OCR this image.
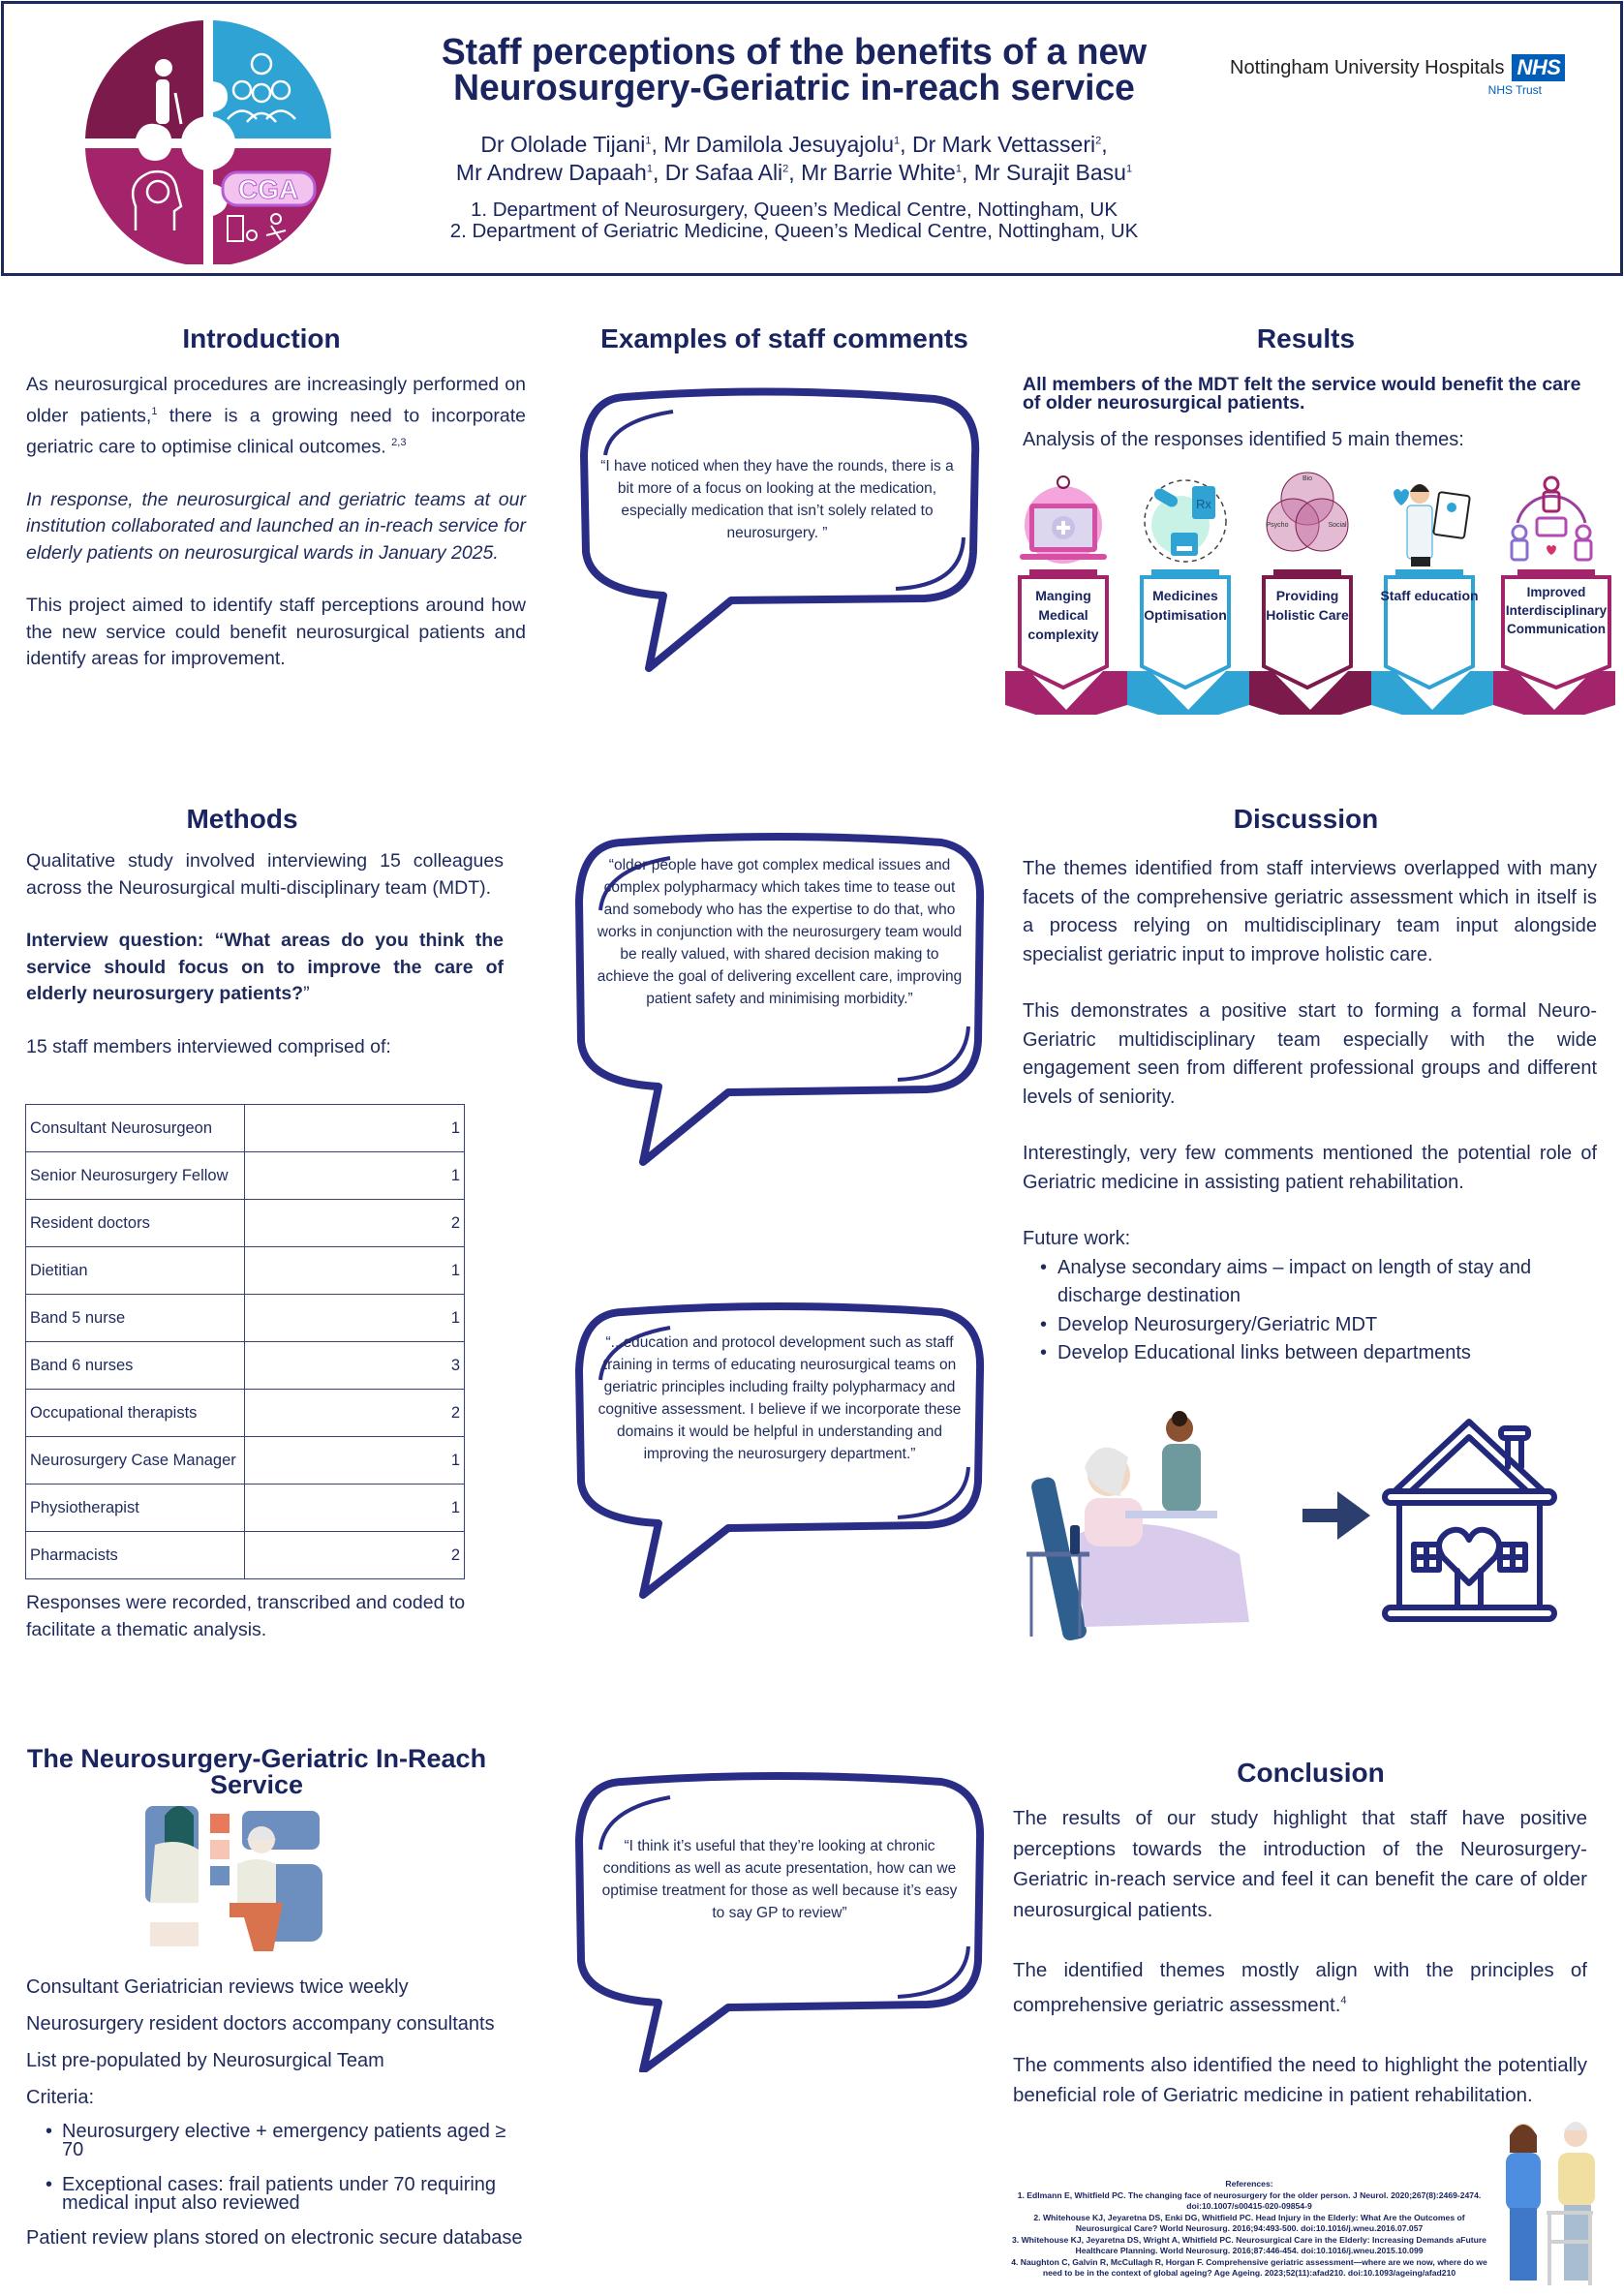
CGA
Staff perceptions of the benefits of a new
Neurosurgery-Geriatric in-reach service
Dr Ololade Tijani$^1$, Mr Damilola Jesuyajolu$^1$, Dr Mark Vettasseri$^2$,
Mr Andrew Dapaah$^1$, Dr Safaa Ali$^2$, Mr Barrie White$^1$, Mr Surajit Basu$^1$
1. Department of Neurosurgery, Queen’s Medical Centre, Nottingham, UK
2. Department of Geriatric Medicine, Queen’s Medical Centre, Nottingham, UK
Nottingham University Hospitals NHS
NHS Trust
Introduction

As neurosurgical procedures are increasingly performed on older patients,$^1$ there is a growing need to incorporate geriatric care to optimise clinical outcomes. $^{2,3}$

In response, the neurosurgical and geriatric teams at our institution collaborated and launched an in-reach service for elderly patients on neurosurgical wards in January 2025.

This project aimed to identify staff perceptions around how the new service could benefit neurosurgical patients and identify areas for improvement.

Examples of staff comments
“I have noticed when they have the rounds, there is a bit more of a focus on looking at the medication, especially medication that isn’t solely related to neurosurgery. ”
“older people have got complex medical issues and complex polypharmacy which takes time to tease out and somebody who has the expertise to do that, who works in conjunction with the neurosurgery team would be really valued, with shared decision making to achieve the goal of delivering excellent care, improving patient safety and minimising morbidity.”
“...education and protocol development such as staff training in terms of educating neurosurgical teams on geriatric principles including frailty polypharmacy and cognitive assessment. I believe if we incorporate these domains it would be helpful in understanding and improving the neurosurgery department.”
“I think it’s useful that they’re looking at chronic conditions as well as acute presentation, how can we optimise treatment for those as well because it’s easy to say GP to review”
Results
All members of the MDT felt the service would benefit the care of older neurosurgical patients.
Analysis of the responses identified 5 main themes:
Manging Medical complexity
Rx
Medicines Optimisation
Bio
Psycho	Social
Providing Holistic Care
Staff education	Improved Interdisciplinary Communication
Methods

Qualitative study involved interviewing 15 colleagues across the Neurosurgical multi-disciplinary team (MDT).

Interview question: “What areas do you think the service should focus on to improve the care of elderly neurosurgery patients?”

15 staff members interviewed comprised of:

Consultant Neurosurgeon	1
Senior Neurosurgery Fellow	1
Resident doctors	2
Dietitian	1
Band 5 nurse	1
Band 6 nurses	3
Occupational therapists	2
Neurosurgery Case Manager	1
Physiotherapist	1
Pharmacists	2
Responses were recorded, transcribed and coded to facilitate a thematic analysis.
Discussion

The themes identified from staff interviews overlapped with many facets of the comprehensive geriatric assessment which in itself is a process relying on multidisciplinary team input alongside specialist geriatric input to improve holistic care.

This demonstrates a positive start to forming a formal Neuro-Geriatric multidisciplinary team especially with the wide engagement seen from different professional groups and different levels of seniority.

Interestingly, very few comments mentioned the potential role of Geriatric medicine in assisting patient rehabilitation.

Future work:

• Analyse secondary aims – impact on length of stay and discharge destination
• Develop Neurosurgery/Geriatric MDT
• Develop Educational links between departments
The Neurosurgery-Geriatric In-Reach Service
Consultant Geriatrician reviews twice weekly
Neurosurgery resident doctors accompany consultants
List pre-populated by Neurosurgical Team
Criteria:
• Neurosurgery elective + emergency patients aged ≥ 70
• Exceptional cases: frail patients under 70 requiring medical input also reviewed
Patient review plans stored on electronic secure database
Conclusion

The results of our study highlight that staff have positive perceptions towards the introduction of the Neurosurgery-Geriatric in-reach service and feel it can benefit the care of older neurosurgical patients.

The identified themes mostly align with the principles of comprehensive geriatric assessment.$^4$

The comments also identified the need to highlight the potentially beneficial role of Geriatric medicine in patient rehabilitation.

References:
1. Edlmann E, Whitfield PC. The changing face of neurosurgery for the older person. J Neurol. 2020;267(8):2469-2474. doi:10.1007/s00415-020-09854-9
2. Whitehouse KJ, Jeyaretna DS, Enki DG, Whitfield PC. Head Injury in the Elderly: What Are the Outcomes of Neurosurgical Care? World Neurosurg. 2016;94:493-500. doi:10.1016/j.wneu.2016.07.057
3. Whitehouse KJ, Jeyaretna DS, Wright A, Whitfield PC. Neurosurgical Care in the Elderly: Increasing Demands aFuture Healthcare Planning. World Neurosurg. 2016;87:446-454. doi:10.1016/j.wneu.2015.10.099
4. Naughton C, Galvin R, McCullagh R, Horgan F. Comprehensive geriatric assessment—where are we now, where do we need to be in the context of global ageing? Age Ageing. 2023;52(11):afad210. doi:10.1093/ageing/afad210
